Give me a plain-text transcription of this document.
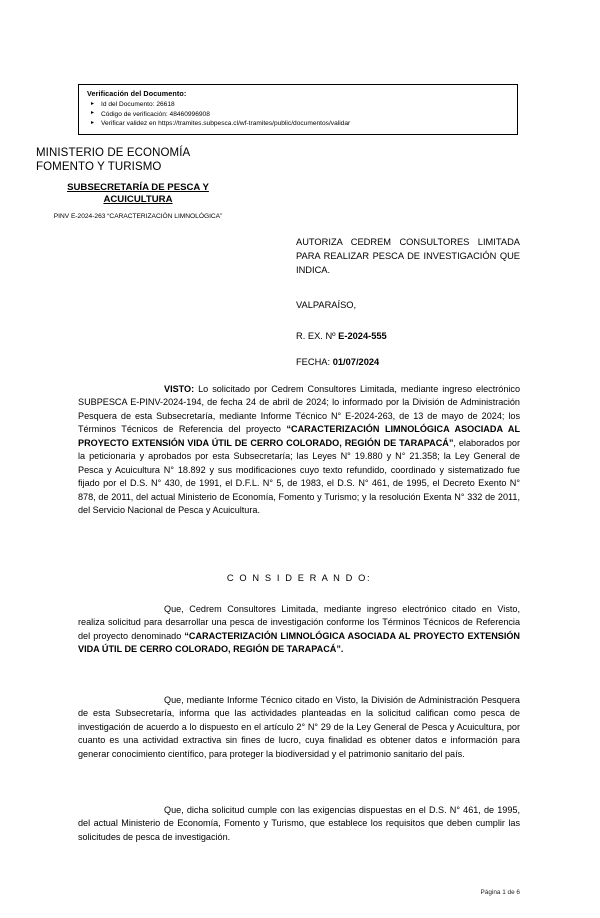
Verificación del Documento:
▸ Id del Documento: 26618
▸ Código de verificación: 48460996908
▸ Verificar validez en https://tramites.subpesca.cl/wf-tramites/public/documentos/validar
MINISTERIO DE ECONOMÍA
FOMENTO Y TURISMO
SUBSECRETARÍA DE PESCA Y ACUICULTURA
PINV E-2024-263 “CARACTERIZACIÓN LIMNOLÓGICA”
AUTORIZA CEDREM CONSULTORES LIMITADA PARA REALIZAR PESCA DE INVESTIGACIÓN QUE INDICA.
VALPARAÍSO,
R. EX. Nº E-2024-555
FECHA: 01/07/2024

VISTO: Lo solicitado por Cedrem Consultores Limitada, mediante ingreso electrónico SUBPESCA E-PINV-2024-194, de fecha 24 de abril de 2024; lo informado por la División de Administración Pesquera de esta Subsecretaría, mediante Informe Técnico N° E-2024-263, de 13 de mayo de 2024; los Términos Técnicos de Referencia del proyecto “CARACTERIZACIÓN LIMNOLÓGICA ASOCIADA AL PROYECTO EXTENSIÓN VIDA ÚTIL DE CERRO COLORADO, REGIÓN DE TARAPACÁ”, elaborados por la peticionaria y aprobados por esta Subsecretaría; las Leyes N° 19.880 y N° 21.358; la Ley General de Pesca y Acuicultura N° 18.892 y sus modificaciones cuyo texto refundido, coordinado y sistematizado fue fijado por el D.S. N° 430, de 1991, el D.F.L. N° 5, de 1983, el D.S. N° 461, de 1995, el Decreto Exento N° 878, de 2011, del actual Ministerio de Economía, Fomento y Turismo; y la resolución Exenta N° 332 de 2011, del Servicio Nacional de Pesca y Acuicultura.

C O N S I D E R A N D O:

Que, Cedrem Consultores Limitada, mediante ingreso electrónico citado en Visto, realiza solicitud para desarrollar una pesca de investigación conforme los Términos Técnicos de Referencia del proyecto denominado “CARACTERIZACIÓN LIMNOLÓGICA ASOCIADA AL PROYECTO EXTENSIÓN VIDA ÚTIL DE CERRO COLORADO, REGIÓN DE TARAPACÁ”.

Que, mediante Informe Técnico citado en Visto, la División de Administración Pesquera de esta Subsecretaría, informa que las actividades planteadas en la solicitud califican como pesca de investigación de acuerdo a lo dispuesto en el artículo 2° N° 29 de la Ley General de Pesca y Acuicultura, por cuanto es una actividad extractiva sin fines de lucro, cuya finalidad es obtener datos e información para generar conocimiento científico, para proteger la biodiversidad y el patrimonio sanitario del país.

Que, dicha solicitud cumple con las exigencias dispuestas en el D.S. N° 461, de 1995, del actual Ministerio de Economía, Fomento y Turismo, que establece los requisitos que deben cumplir las solicitudes de pesca de investigación.

Página 1 de 6
